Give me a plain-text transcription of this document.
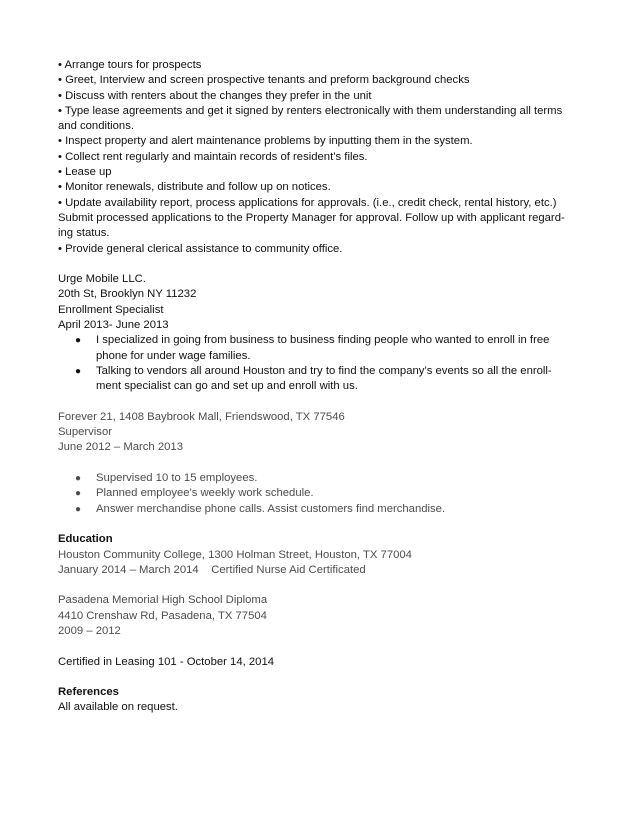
• Arrange tours for prospects
• Greet, Interview and screen prospective tenants and preform background checks
• Discuss with renters about the changes they prefer in the unit
• Type lease agreements and get it signed by renters electronically with them understanding all terms
and conditions.
• Inspect property and alert maintenance problems by inputting them in the system.
• Collect rent regularly and maintain records of resident’s files.
• Lease up
• Monitor renewals, distribute and follow up on notices.
• Update availability report, process applications for approvals. (i.e., credit check, rental history, etc.)
Submit processed applications to the Property Manager for approval. Follow up with applicant regard-
ing status.
• Provide general clerical assistance to community office.
Urge Mobile LLC.
20th St, Brooklyn NY 11232
Enrollment Specialist
April 2013- June 2013
● I specialized in going from business to business finding people who wanted to enroll in free
phone for under wage families.
● Talking to vendors all around Houston and try to find the company’s events so all the enroll-
ment specialist can go and set up and enroll with us.
Forever 21, 1408 Baybrook Mall, Friendswood, TX 77546
Supervisor
June 2012 – March 2013
● Supervised 10 to 15 employees.
● Planned employee's weekly work schedule.
● Answer merchandise phone calls. Assist customers find merchandise.
Education
Houston Community College, 1300 Holman Street, Houston, TX 77004
January 2014 – March 2014    Certified Nurse Aid Certificated
Pasadena Memorial High School Diploma
4410 Crenshaw Rd, Pasadena, TX 77504
2009 – 2012
Certified in Leasing 101 - October 14, 2014
References
All available on request.
